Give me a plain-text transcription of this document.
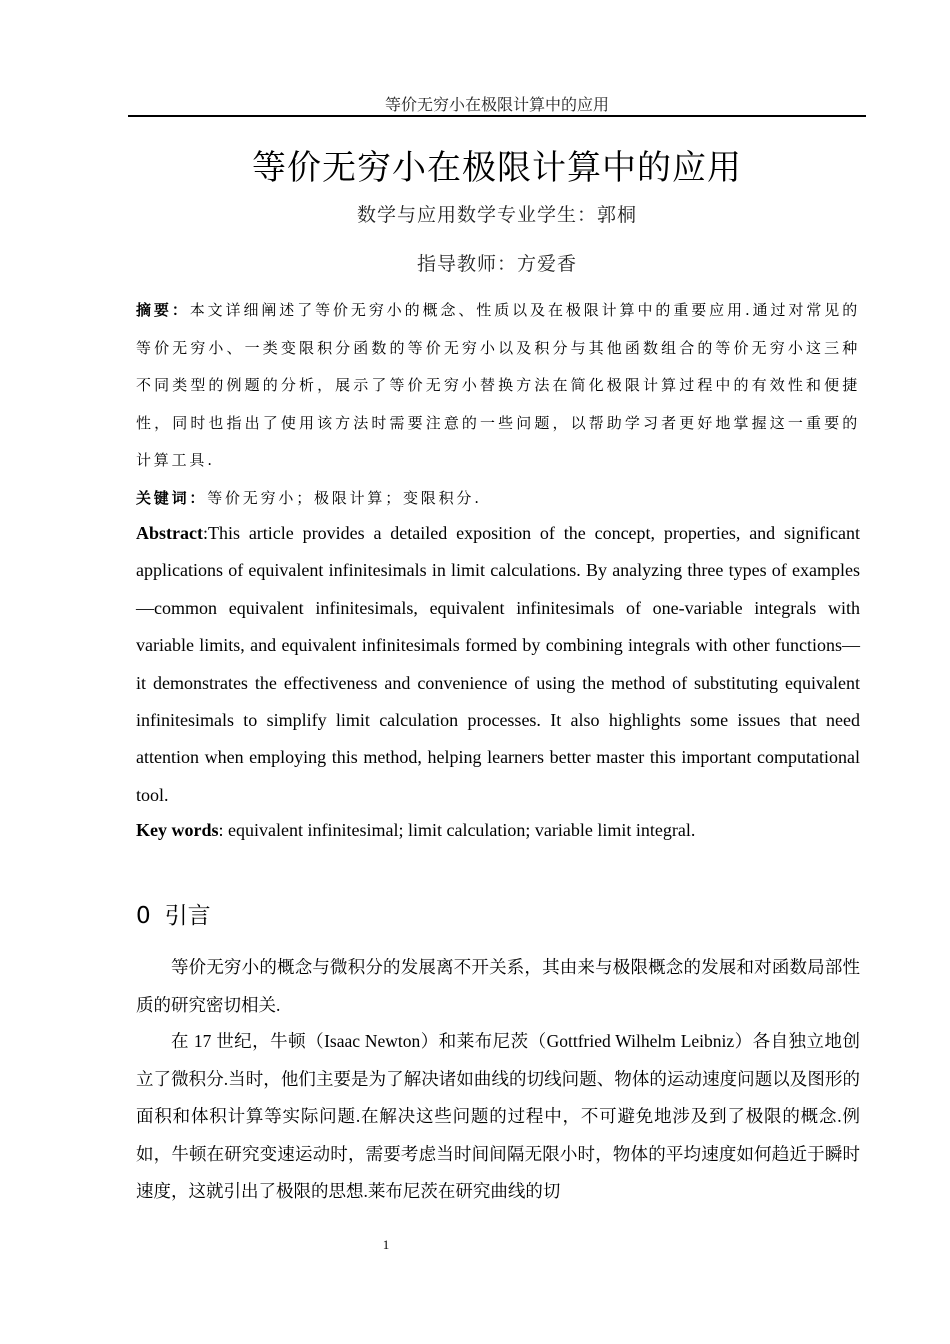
等价无穷小在极限计算中的应用
等价无穷小在极限计算中的应用
数学与应用数学专业学生：郭桐
指导教师：方爱香
摘要：本文详细阐述了等价无穷小的概念、性质以及在极限计算中的重要应用.通过对常见的等价无穷小、一类变限积分函数的等价无穷小以及积分与其他函数组合的等价无穷小这三种不同类型的例题的分析，展示了等价无穷小替换方法在简化极限计算过程中的有效性和便捷性，同时也指出了使用该方法时需要注意的一些问题，以帮助学习者更好地掌握这一重要的计算工具.
关键词：等价无穷小；极限计算；变限积分.
Abstract:This article provides a detailed exposition of the concept, properties, and significant applications of equivalent infinitesimals in limit calculations. By analyzing three types of examples—common equivalent infinitesimals, equivalent infinitesimals of one-variable integrals with variable limits, and equivalent infinitesimals formed by combining integrals with other functions—it demonstrates the effectiveness and convenience of using the method of substituting equivalent infinitesimals to simplify limit calculation processes. It also highlights some issues that need attention when employing this method, helping learners better master this important computational tool.
Key words: equivalent infinitesimal; limit calculation; variable limit integral.
0 引言
等价无穷小的概念与微积分的发展离不开关系，其由来与极限概念的发展和对函数局部性质的研究密切相关.
在 17 世纪，牛顿（Isaac Newton）和莱布尼茨（Gottfried Wilhelm Leibniz）各自独立地创立了微积分.当时，他们主要是为了解决诸如曲线的切线问题、物体的运动速度问题以及图形的面积和体积计算等实际问题.在解决这些问题的过程中，不可避免地涉及到了极限的概念.例如，牛顿在研究变速运动时，需要考虑当时间间隔无限小时，物体的平均速度如何趋近于瞬时速度，这就引出了极限的思想.莱布尼茨在研究曲线的切
1
